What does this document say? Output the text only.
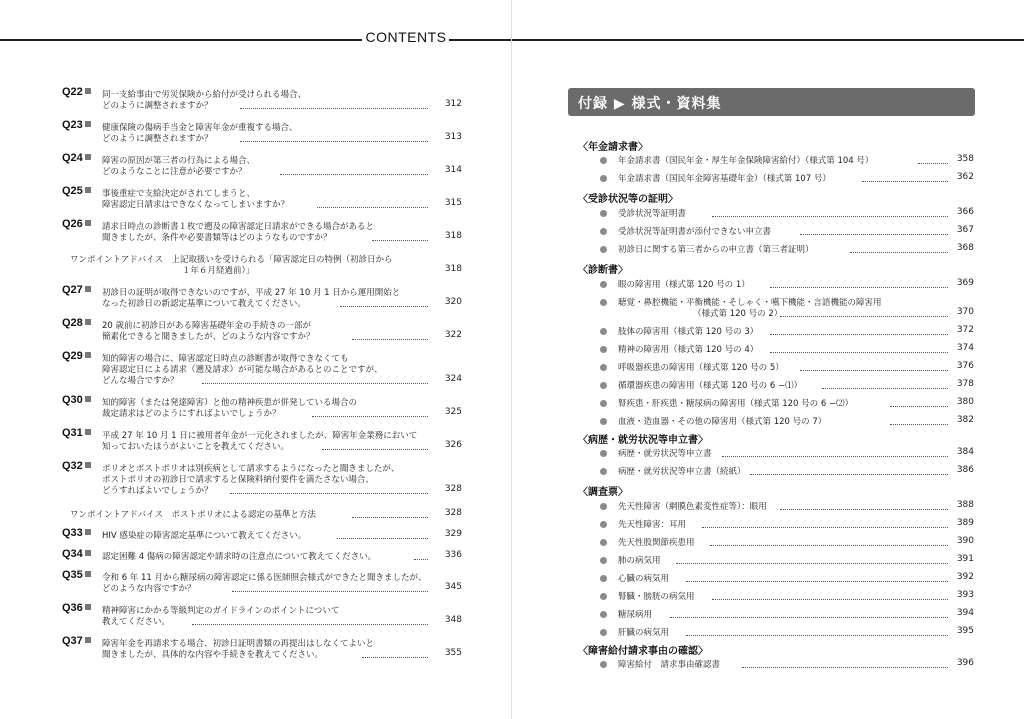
CONTENTS
Q22	同一支給事由で労災保険から給付が受けられる場合、
どのように調整されますか？	312
Q23	健康保険の傷病手当金と障害年金が重複する場合、
どのように調整されますか？	313
Q24	障害の原因が第三者の行為による場合、
どのようなことに注意が必要ですか？	314
Q25	事後重症で支給決定がされてしまうと、
障害認定日請求はできなくなってしまいますか？	315
Q26	請求日時点の診断書１枚で遡及の障害認定日請求ができる場合があると
聞きましたが、条件や必要書類等はどのようなものですか？	318
ワンポイントアドバイス　上記取扱いを受けられる「障害認定日の特例（初診日から
１年６月経過前）」	318
Q27	初診日の証明が取得できないのですが、平成 27 年 10 月 1 日から運用開始と
なった初診日の新認定基準について教えてください。	320
Q28	20 歳前に初診日がある障害基礎年金の手続きの一部が
簡素化できると聞きましたが、どのような内容ですか？	322
Q29	知的障害の場合に、障害認定日時点の診断書が取得できなくても
障害認定日による請求（遡及請求）が可能な場合があるとのことですが、
どんな場合ですか？	324
Q30	知的障害（または発達障害）と他の精神疾患が併発している場合の
裁定請求はどのようにすればよいでしょうか？	325
Q31	平成 27 年 10 月 1 日に被用者年金が一元化されましたが、障害年金業務において
知っておいたほうがよいことを教えてください。	326
Q32	ポリオとポストポリオは別疾病として請求するようになったと聞きましたが、
ポストポリオの初診日で請求すると保険料納付要件を満たさない場合、
どうすればよいでしょうか？	328
ワンポイントアドバイス　ポストポリオによる認定の基準と方法	328
Q33	HIV 感染症の障害認定基準について教えてください。	329
Q34	認定困難 4 傷病の障害認定や請求時の注意点について教えてください。	336
Q35	令和 6 年 11 月から糖尿病の障害認定に係る医師照会様式ができたと聞きましたが、
どのような内容ですか？	345
Q36	精神障害にかかる等級判定のガイドラインのポイントについて
教えてください。	348
Q37	障害年金を再請求する場合、初診日証明書類の再提出はしなくてよいと
聞きましたが、具体的な内容や手続きを教えてください。	355
付録 ▶ 様式・資料集
〈年金請求書〉
年金請求書（国民年金・厚生年金保険障害給付）（様式第 104 号）	358
年金請求書（国民年金障害基礎年金）（様式第 107 号）	362
〈受診状況等の証明〉
受診状況等証明書	366
受診状況等証明書が添付できない申立書	367
初診日に関する第三者からの申立書（第三者証明）	368
〈診断書〉
眼の障害用（様式第 120 号の 1）	369
聴覚・鼻腔機能・平衡機能・そしゃく・嚥下機能・言語機能の障害用
（様式第 120 号の 2）	370
肢体の障害用（様式第 120 号の 3）	372
精神の障害用（様式第 120 号の 4）	374
呼吸器疾患の障害用（様式第 120 号の 5）	376
循環器疾患の障害用（様式第 120 号の 6 −⑴）	378
腎疾患・肝疾患・糖尿病の障害用（様式第 120 号の 6 −⑵）	380
血液・造血器・その他の障害用（様式第 120 号の 7）	382
〈病歴・就労状況等申立書〉
病歴・就労状況等申立書	384
病歴・就労状況等申立書（続紙）	386
〈調査票〉
先天性障害（網膜色素変性症等）：眼用	388
先天性障害：耳用	389
先天性股関節疾患用	390
肺の病気用	391
心臓の病気用	392
腎臓・膀胱の病気用	393
糖尿病用	394
肝臓の病気用	395
〈障害給付請求事由の確認〉
障害給付　請求事由確認書	396
